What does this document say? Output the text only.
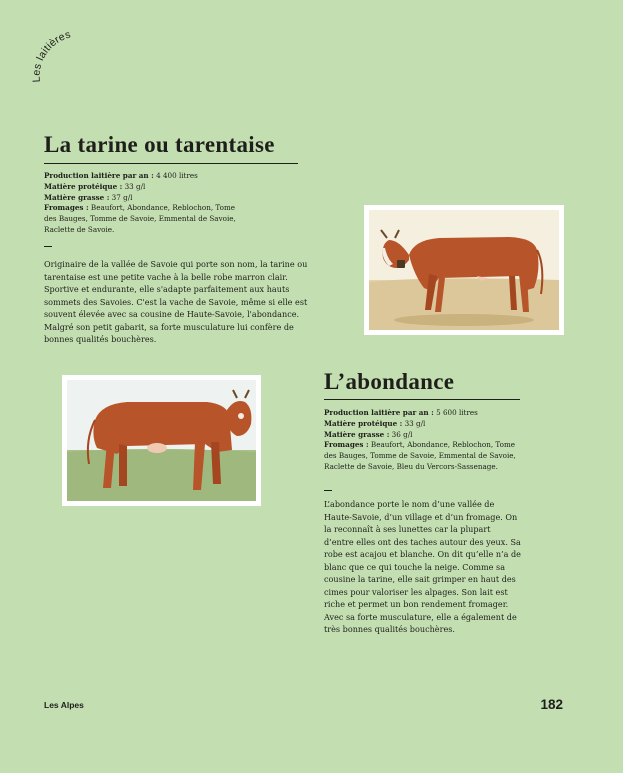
Les laitières
La tarine ou tarentaise
Production laitière par an : 4 400 litres
Matière protéique : 33 g/l
Matière grasse : 37 g/l
Fromages : Beaufort, Abondance, Reblochon, Tome des Bauges, Tomme de Savoie, Emmental de Savoie, Raclette de Savoie.

Originaire de la vallée de Savoie qui porte son nom, la tarine ou tarentaise est une petite vache à la belle robe marron clair. Sportive et endurante, elle s'adapte parfaitement aux hauts sommets des Savoies. C'est la vache de Savoie, même si elle est souvent élevée avec sa cousine de Haute-Savoie, l'abondance. Malgré son petit gabarit, sa forte musculature lui confère de bonnes qualités bouchères.

L’abondance
Production laitière par an : 5 600 litres
Matière protéique : 33 g/l
Matière grasse : 36 g/l
Fromages : Beaufort, Abondance, Reblochon, Tome des Bauges, Tomme de Savoie, Emmental de Savoie, Raclette de Savoie, Bleu du Vercors-Sassenage.

L’abondance porte le nom d’une vallée de Haute-Savoie, d’un village et d’un fromage. On la reconnaît à ses lunettes car la plupart d’entre elles ont des taches autour des yeux. Sa robe est acajou et blanche. On dit qu’elle n’a de blanc que ce qui touche la neige. Comme sa cousine la tarine, elle sait grimper en haut des cimes pour valoriser les alpages. Son lait est riche et permet un bon rendement fromager. Avec sa forte musculature, elle a également de très bonnes qualités bouchères.

Les Alpes	182
